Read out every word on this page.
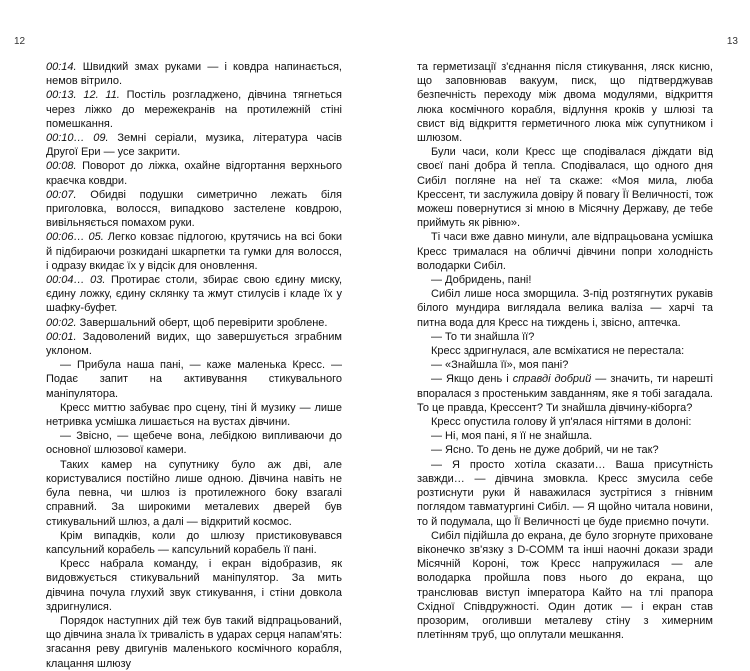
12

00:14. Швидкий змах руками — і ковдра напинається, немов вітрило.

00:13. 12. 11. Постіль розгладжено, дівчина тягнеться через ліжко до мережекранів на протилежній стіні помешкання.

00:10… 09. Земні серіали, музика, література часів Другої Ери — усе закрити.

00:08. Поворот до ліжка, охайне відгортання верхнього краєчка ковдри.

00:07. Обидві подушки симетрично лежать біля приголовка, волосся, випадково застелене ковдрою, вивільняється помахом руки.

00:06… 05. Легко ковзає підлогою, крутячись на всі боки й підбираючи розкидані шкарпетки та гумки для волосся, і одразу вкидає їх у відсік для оновлення.

00:04… 03. Протирає столи, збирає свою єдину миску, єдину ложку, єдину склянку та жмут стилусів і кладе їх у шафку-буфет.

00:02. Завершальний оберт, щоб перевірити зроблене.

00:01. Задоволений видих, що завершується зграбним уклоном.

— Прибула наша пані, — каже маленька Кресс. — Подає запит на активування стикувального маніпулятора.

Кресс миттю забуває про сцену, тіні й музику — лише нетривка усмішка лишається на вустах дівчини.

— Звісно, — щебече вона, лебідкою випливаючи до основної шлюзової камери.

Таких камер на супутнику було аж дві, але користувалися постійно лише одною. Дівчина навіть не була певна, чи шлюз із протилежного боку взагалі справний. За широкими металевих дверей був стикувальний шлюз, а далі — відкритий космос.

Крім випадків, коли до шлюзу пристиковувався капсульний корабель — капсульний корабель її пані.

Кресс набрала команду, і екран відобразив, як видовжується стикувальний маніпулятор. За мить дівчина почула глухий звук стикування, і стіни довкола здригнулися.

Порядок наступних дій теж був такий відпрацьований, що дівчина знала їх тривалість в ударах серця напам'ять: згасання реву двигунів маленького космічного корабля, клацання шлюзу

13

та герметизації з'єднання після стикування, ляск кисню, що заповнював вакуум, писк, що підтверджував безпечність переходу між двома модулями, відкриття люка космічного корабля, відлуння кроків у шлюзі та свист від відкриття герметичного люка між супутником і шлюзом.

Були часи, коли Кресс ще сподівалася діждати від своєї пані добра й тепла. Сподівалася, що одного дня Сибіл погляне на неї та скаже: «Моя мила, люба Крессент, ти заслужила довіру й повагу Її Величності, тож можеш повернутися зі мною в Місячну Державу, де тебе приймуть як рівню».

Ті часи вже давно минули, але відпрацьована усмішка Кресс трималася на обличчі дівчини попри холодність володарки Сибіл.

— Добридень, пані!

Сибіл лише носа зморщила. З-під розтягнутих рукавів білого мундира виглядала велика валіза — харчі та питна вода для Кресс на тиждень і, звісно, аптечка.

— То ти знайшла її?

Кресс здригнулася, але всміхатися не перестала:

— «Знайшла її», моя пані?

— Якщо день і справді добрий — значить, ти нарешті впоралася з простеньким завданням, яке я тобі загадала. То це правда, Крессент? Ти знайшла дівчину-кіборга?

Кресс опустила голову й уп'ялася нігтями в долоні:

— Ні, моя пані, я її не знайшла.

— Ясно. То день не дуже добрий, чи не так?

— Я просто хотіла сказати… Ваша присутність завжди… — дівчина змовкла. Кресс змусила себе розтиснути руки й наважилася зустрітися з гнівним поглядом тавматургині Сибіл. — Я щойно читала новини, то й подумала, що Її Величності це буде приємно почути.

Сибіл підійшла до екрана, де було згорнуте приховане віконечко зв'язку з D-COMM та інші наочні докази зради Місячній Короні, тож Кресс напружилася — але володарка пройшла повз нього до екрана, що транслював виступ імператора Кайто на тлі прапора Східної Співдружності. Один дотик — і екран став прозорим, оголивши металеву стіну з химерним плетінням труб, що оплутали мешкання.
